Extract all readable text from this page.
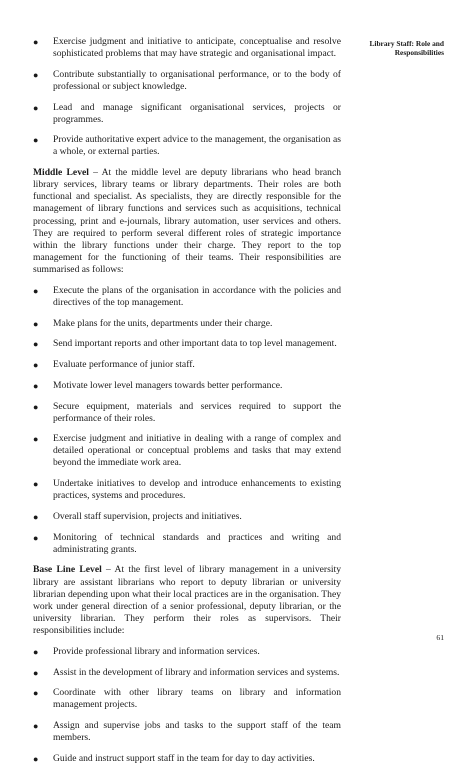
● Exercise judgment and initiative to anticipate, conceptualise and resolve sophisticated problems that may have strategic and organisational impact.
● Contribute substantially to organisational performance, or to the body of professional or subject knowledge.
● Lead and manage significant organisational services, projects or programmes.
● Provide authoritative expert advice to the management, the organisation as a whole, or external parties.

Middle Level – At the middle level are deputy librarians who head branch library services, library teams or library departments. Their roles are both functional and specialist. As specialists, they are directly responsible for the management of library functions and services such as acquisitions, technical processing, print and e-journals, library automation, user services and others. They are required to perform several different roles of strategic importance within the library functions under their charge. They report to the top management for the functioning of their teams. Their responsibilities are summarised as follows:

● Execute the plans of the organisation in accordance with the policies and directives of the top management.
● Make plans for the units, departments under their charge.
● Send important reports and other important data to top level management.
● Evaluate performance of junior staff.
● Motivate lower level managers towards better performance.
● Secure equipment, materials and services required to support the performance of their roles.
● Exercise judgment and initiative in dealing with a range of complex and detailed operational or conceptual problems and tasks that may extend beyond the immediate work area.
● Undertake initiatives to develop and introduce enhancements to existing practices, systems and procedures.
● Overall staff supervision, projects and initiatives.
● Monitoring of technical standards and practices and writing and administrating grants.

Base Line Level – At the first level of library management in a university library are assistant librarians who report to deputy librarian or university librarian depending upon what their local practices are in the organisation. They work under general direction of a senior professional, deputy librarian, or the university librarian. They perform their roles as supervisors. Their responsibilities include:

● Provide professional library and information services.
● Assist in the development of library and information services and systems.
● Coordinate with other library teams on library and information management projects.
● Assign and supervise jobs and tasks to the support staff of the team members.
● Guide and instruct support staff in the team for day to day activities.
Library Staff: Role and
Responsibilities
61
